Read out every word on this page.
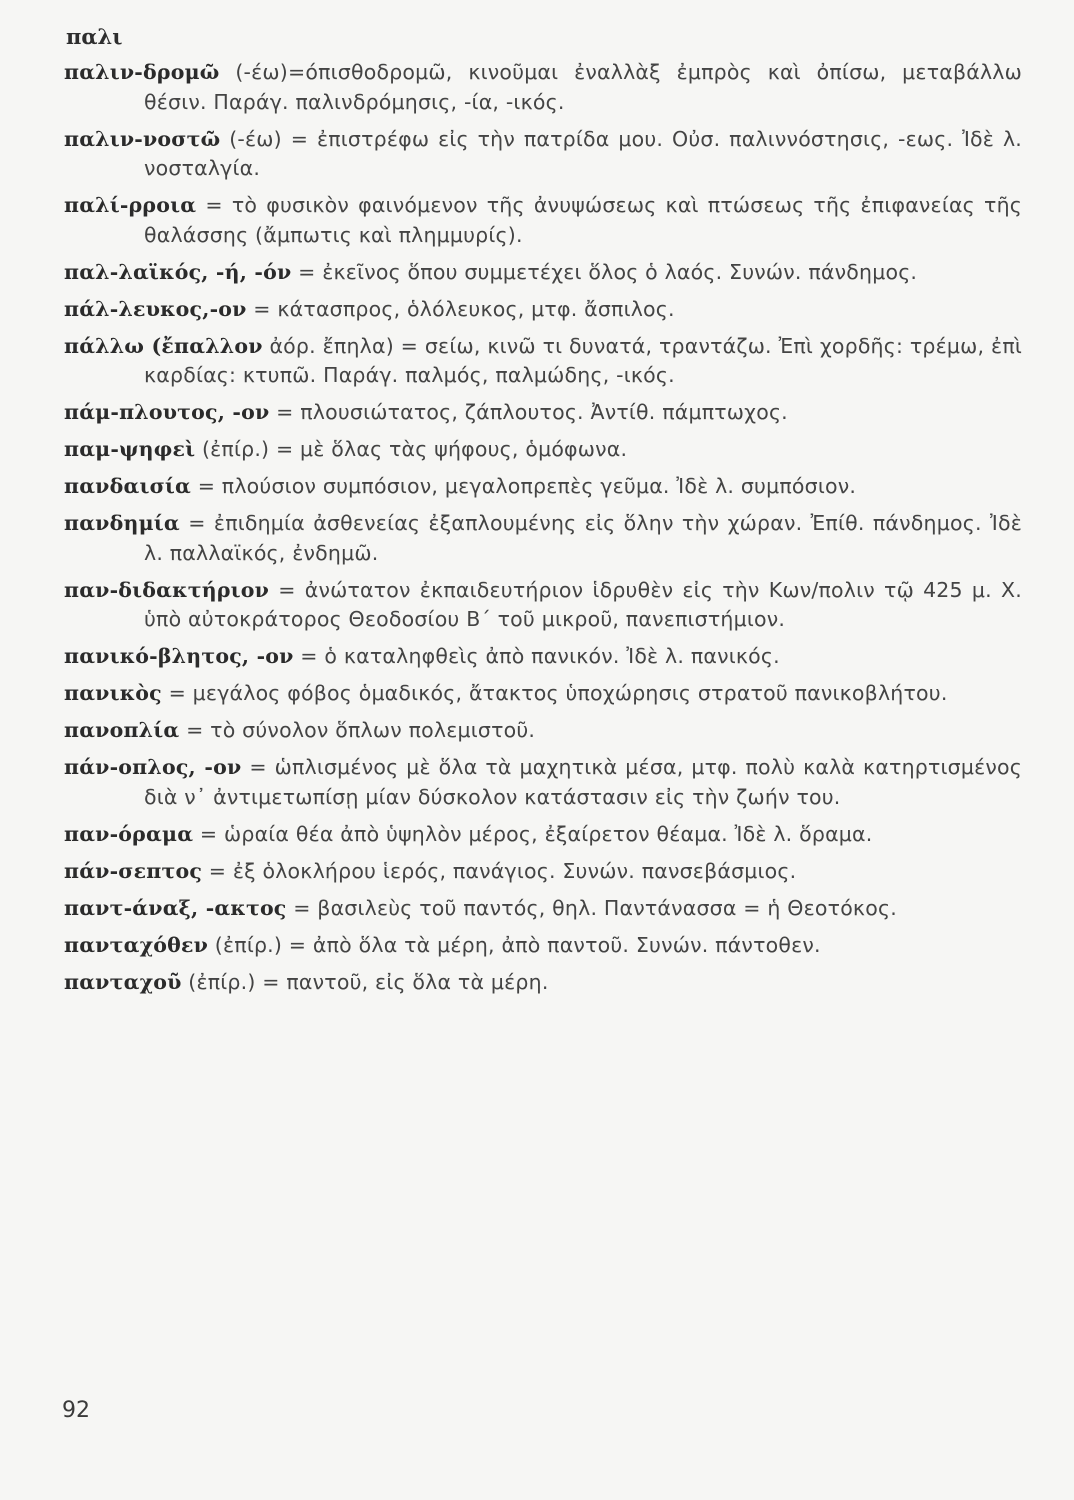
παλι
παλιν-δρομῶ (-έω)=όπισθοδρομῶ, κινοῦμαι ἐναλλὰξ ἐμπρὸς καὶ ὀπίσω, μεταβάλλω θέσιν. Παράγ. παλινδρόμησις, -ία, -ικός.
παλιν-νοστῶ (-έω) = ἐπιστρέφω εἰς τὴν πατρίδα μου. Οὐσ. παλιννόστησις, -εως. Ἰδὲ λ. νοσταλγία.
παλί-ρροια = τὸ φυσικὸν φαινόμενον τῆς ἀνυψώσεως καὶ πτώσεως τῆς ἐπιφανείας τῆς θαλάσσης (ἄμπωτις καὶ πλημμυρίς).
παλ-λαϊκός, -ή, -όν = ἐκεῖνος ὅπου συμμετέχει ὅλος ὁ λαός. Συνών. πάνδημος.
πάλ-λευκος,-ον = κάτασπρος, ὁλόλευκος, μτφ. ἄσπιλος.
πάλλω (ἔπαλλον ἀόρ. ἔπηλα) = σείω, κινῶ τι δυνατά, τραντάζω. Ἐπὶ χορδῆς: τρέμω, ἐπὶ καρδίας: κτυπῶ. Παράγ. παλμός, παλμώδης, -ικός.
πάμ-πλουτος, -ον = πλουσιώτατος, ζάπλουτος. Ἀντίθ. πάμπτωχος.
παμ-ψηφεὶ (ἐπίρ.) = μὲ ὅλας τὰς ψήφους, ὁμόφωνα.
πανδαισία = πλούσιον συμπόσιον, μεγαλοπρεπὲς γεῦμα. Ἰδὲ λ. συμπόσιον.
πανδημία = ἐπιδημία ἀσθενείας ἐξαπλουμένης εἰς ὅλην τὴν χώραν. Ἐπίθ. πάνδημος. Ἰδὲ λ. παλλαϊκός, ἐνδημῶ.
παν-διδακτήριον = ἀνώτατον ἐκπαιδευτήριον ἱδρυθὲν εἰς τὴν Κων/πολιν τῷ 425 μ. Χ. ὑπὸ αὐτοκράτορος Θεοδοσίου Β΄ τοῦ μικροῦ, πανεπιστήμιον.
πανικό-βλητος, -ον = ὁ καταληφθεὶς ἀπὸ πανικόν. Ἰδὲ λ. πανικός.
πανικὸς = μεγάλος φόβος ὁμαδικός, ἄτακτος ὑποχώρησις στρατοῦ πανικοβλήτου.
πανοπλία = τὸ σύνολον ὅπλων πολεμιστοῦ.
πάν-οπλος, -ον = ὡπλισμένος μὲ ὅλα τὰ μαχητικὰ μέσα, μτφ. πολὺ καλὰ κατηρτισμένος διὰ ν᾿ ἀντιμετωπίσῃ μίαν δύσκολον κατάστασιν εἰς τὴν ζωήν του.
παν-όραμα = ὡραία θέα ἀπὸ ὑψηλὸν μέρος, ἐξαίρετον θέαμα. Ἰδὲ λ. ὅραμα.
πάν-σεπτος = ἐξ ὁλοκλήρου ἱερός, πανάγιος. Συνών. πανσεβάσμιος.
παντ-άναξ, -ακτος = βασιλεὺς τοῦ παντός, θηλ. Παντάνασσα = ἡ Θεοτόκος.
πανταχόθεν (ἐπίρ.) = ἀπὸ ὅλα τὰ μέρη, ἀπὸ παντοῦ. Συνών. πάντοθεν.
πανταχοῦ (ἐπίρ.) = παντοῦ, εἰς ὅλα τὰ μέρη.
92
